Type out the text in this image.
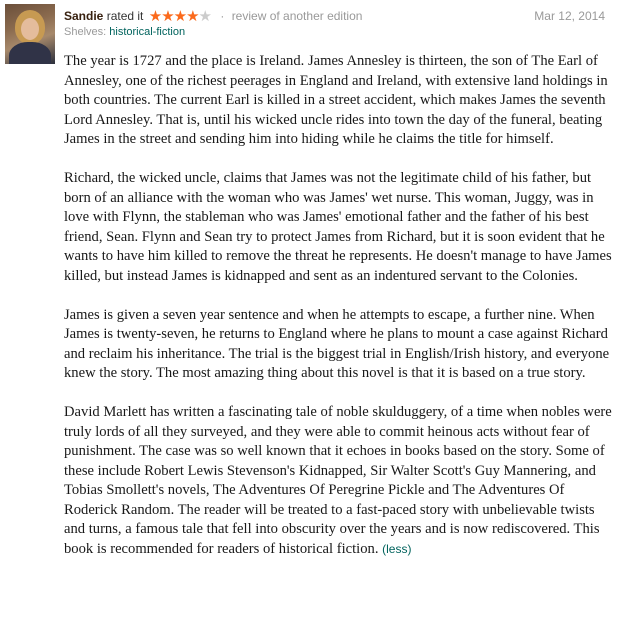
Sandie rated it ★★★★★ · review of another edition	Mar 12, 2014
Shelves: historical-fiction

The year is 1727 and the place is Ireland. James Annesley is thirteen, the son of The Earl of Annesley, one of the richest peerages in England and Ireland, with extensive land holdings in both countries. The current Earl is killed in a street accident, which makes James the seventh Lord Annesley. That is, until his wicked uncle rides into town the day of the funeral, beating James in the street and sending him into hiding while he claims the title for himself.

Richard, the wicked uncle, claims that James was not the legitimate child of his father, but born of an alliance with the woman who was James' wet nurse. This woman, Juggy, was in love with Flynn, the stableman who was James' emotional father and the father of his best friend, Sean. Flynn and Sean try to protect James from Richard, but it is soon evident that he wants to have him killed to remove the threat he represents. He doesn't manage to have James killed, but instead James is kidnapped and sent as an indentured servant to the Colonies.

James is given a seven year sentence and when he attempts to escape, a further nine. When James is twenty-seven, he returns to England where he plans to mount a case against Richard and reclaim his inheritance. The trial is the biggest trial in English/Irish history, and everyone knew the story. The most amazing thing about this novel is that it is based on a true story.

David Marlett has written a fascinating tale of noble skulduggery, of a time when nobles were truly lords of all they surveyed, and they were able to commit heinous acts without fear of punishment. The case was so well known that it echoes in books based on the story. Some of these include Robert Lewis Stevenson's Kidnapped, Sir Walter Scott's Guy Mannering, and Tobias Smollett's novels, The Adventures Of Peregrine Pickle and The Adventures Of Roderick Random. The reader will be treated to a fast-paced story with unbelievable twists and turns, a famous tale that fell into obscurity over the years and is now rediscovered. This book is recommended for readers of historical fiction. (less)
